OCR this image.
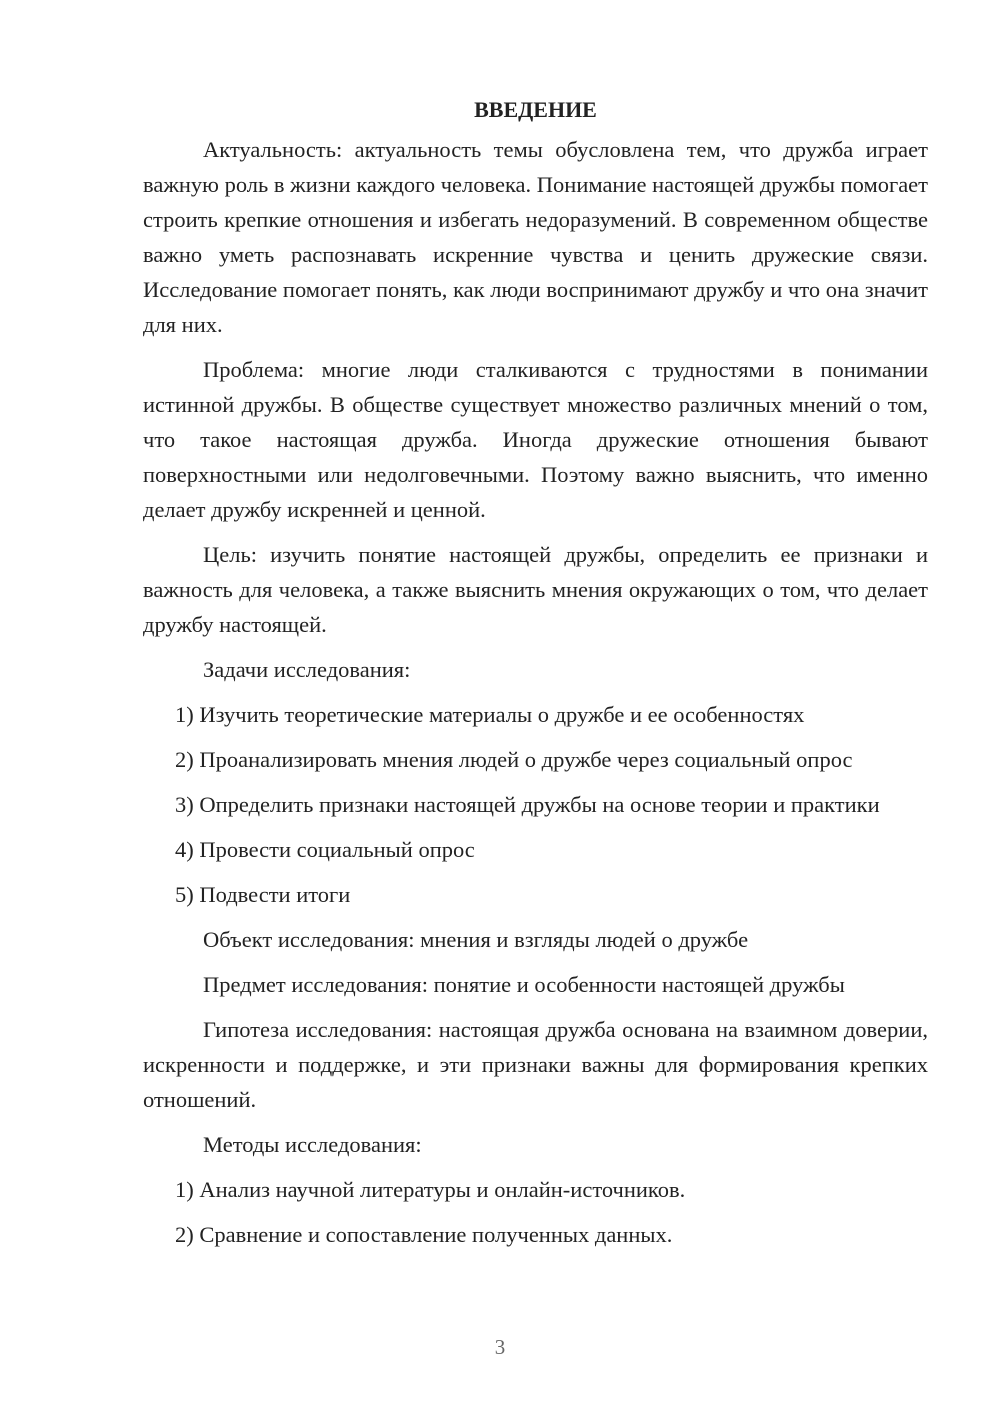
ВВЕДЕНИЕ

Актуальность: актуальность темы обусловлена тем, что дружба играет важную роль в жизни каждого человека. Понимание настоящей дружбы помогает строить крепкие отношения и избегать недоразумений. В современном обществе важно уметь распознавать искренние чувства и ценить дружеские связи. Исследование помогает понять, как люди воспринимают дружбу и что она значит для них.

Проблема: многие люди сталкиваются с трудностями в понимании истинной дружбы. В обществе существует множество различных мнений о том, что такое настоящая дружба. Иногда дружеские отношения бывают поверхностными или недолговечными. Поэтому важно выяснить, что именно делает дружбу искренней и ценной.

Цель: изучить понятие настоящей дружбы, определить ее признаки и важность для человека, а также выяснить мнения окружающих о том, что делает дружбу настоящей.

Задачи исследования:

1) Изучить теоретические материалы о дружбе и ее особенностях

2) Проанализировать мнения людей о дружбе через социальный опрос

3) Определить признаки настоящей дружбы на основе теории и практики

4) Провести социальный опрос

5) Подвести итоги

Объект исследования: мнения и взгляды людей о дружбе

Предмет исследования: понятие и особенности настоящей дружбы

Гипотеза исследования: настоящая дружба основана на взаимном доверии, искренности и поддержке, и эти признаки важны для формирования крепких отношений.

Методы исследования:

1) Анализ научной литературы и онлайн-источников.

2) Сравнение и сопоставление полученных данных.

3
